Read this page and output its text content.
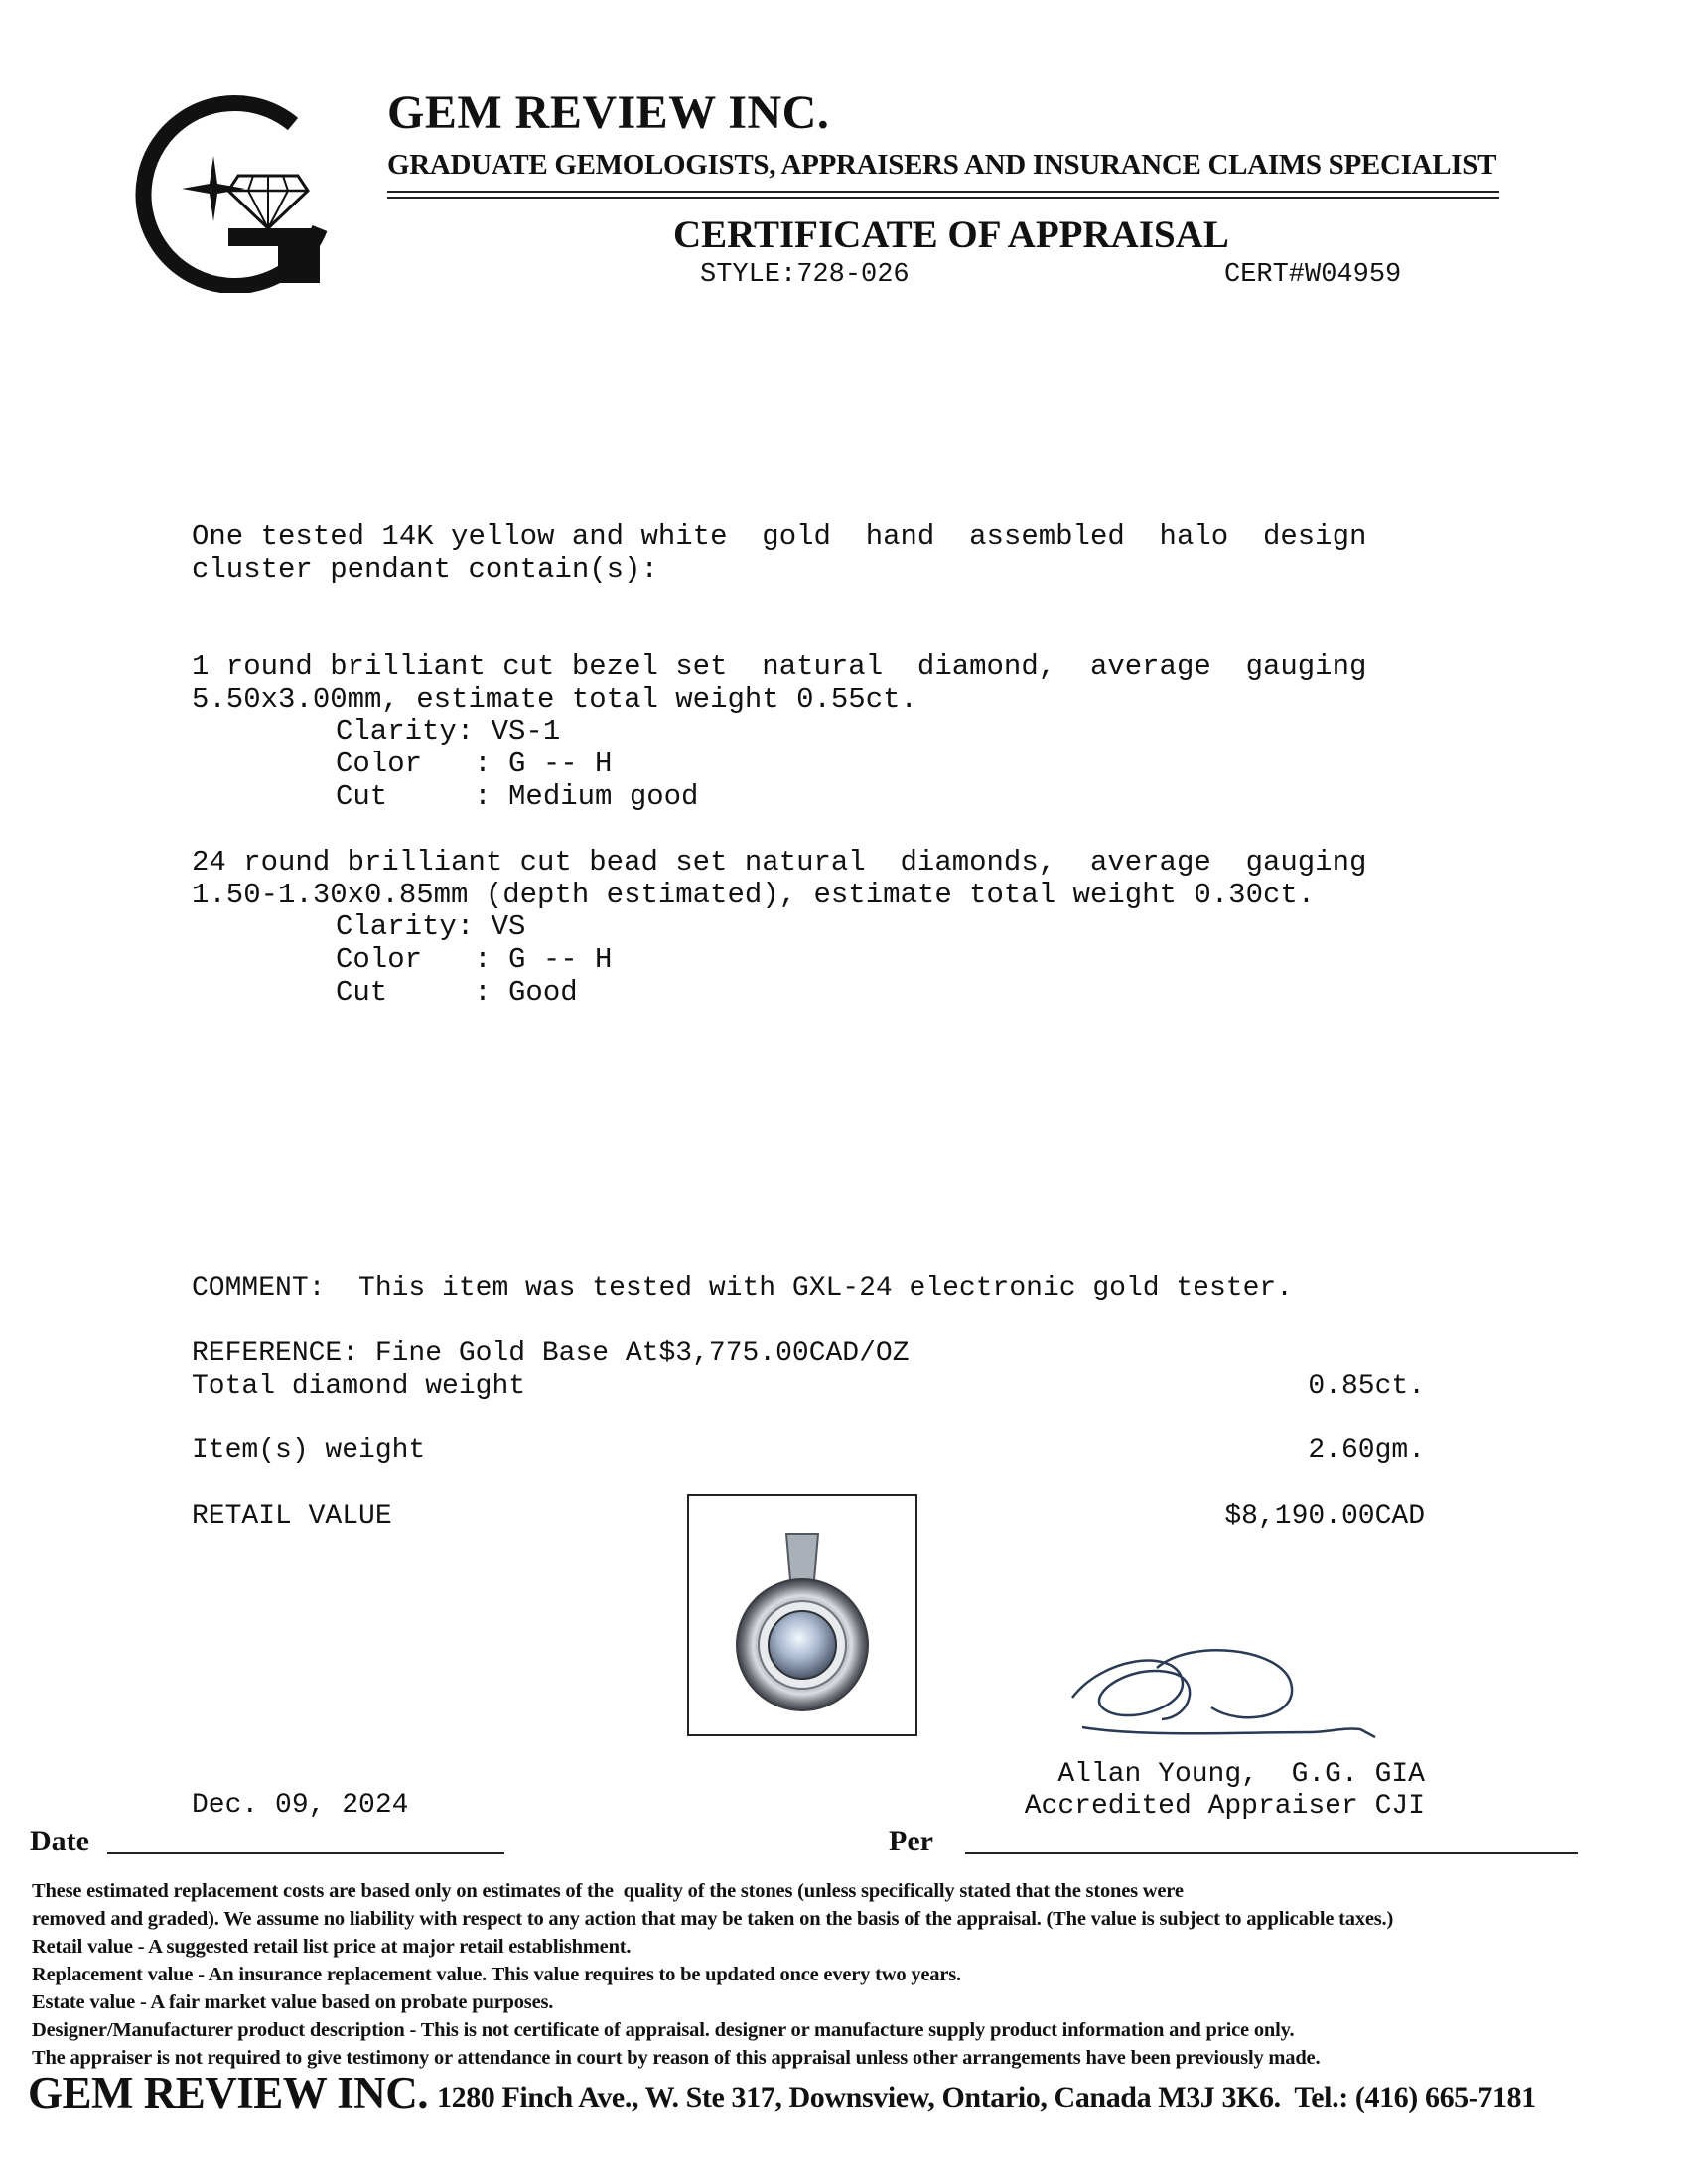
GEM REVIEW INC.
GRADUATE GEMOLOGISTS, APPRAISERS AND INSURANCE CLAIMS SPECIALIST
CERTIFICATE OF APPRAISAL
STYLE:728-026	CERT#W04959
One tested 14K yellow and white  gold  hand  assembled  halo  design
cluster pendant contain(s):
1 round brilliant cut bezel set  natural  diamond,  average  gauging
5.50x3.00mm, estimate total weight 0.55ct.
Clarity: VS-1
Color   : G -- H
Cut     : Medium good
24 round brilliant cut bead set natural  diamonds,  average  gauging
1.50-1.30x0.85mm (depth estimated), estimate total weight 0.30ct.
Clarity: VS
Color   : G -- H
Cut     : Good
COMMENT:  This item was tested with GXL-24 electronic gold tester.
REFERENCE: Fine Gold Base At$3,775.00CAD/OZ
Total diamond weight	0.85ct.
Item(s) weight	2.60gm.
RETAIL VALUE	$8,190.00CAD
Allan Young,  G.G. GIA
Accredited Appraiser CJI
Dec. 09, 2024
Date	Per
These estimated replacement costs are based only on estimates of the  quality of the stones (unless specifically stated that the stones were
removed and graded). We assume no liability with respect to any action that may be taken on the basis of the appraisal. (The value is subject to applicable taxes.)
Retail value - A suggested retail list price at major retail establishment.
Replacement value - An insurance replacement value. This value requires to be updated once every two years.
Estate value - A fair market value based on probate purposes.
Designer/Manufacturer product description - This is not certificate of appraisal. designer or manufacture supply product information and price only.
The appraiser is not required to give testimony or attendance in court by reason of this appraisal unless other arrangements have been previously made.
GEM REVIEW INC. 1280 Finch Ave., W. Ste 317, Downsview, Ontario, Canada M3J 3K6.  Tel.: (416) 665-7181
